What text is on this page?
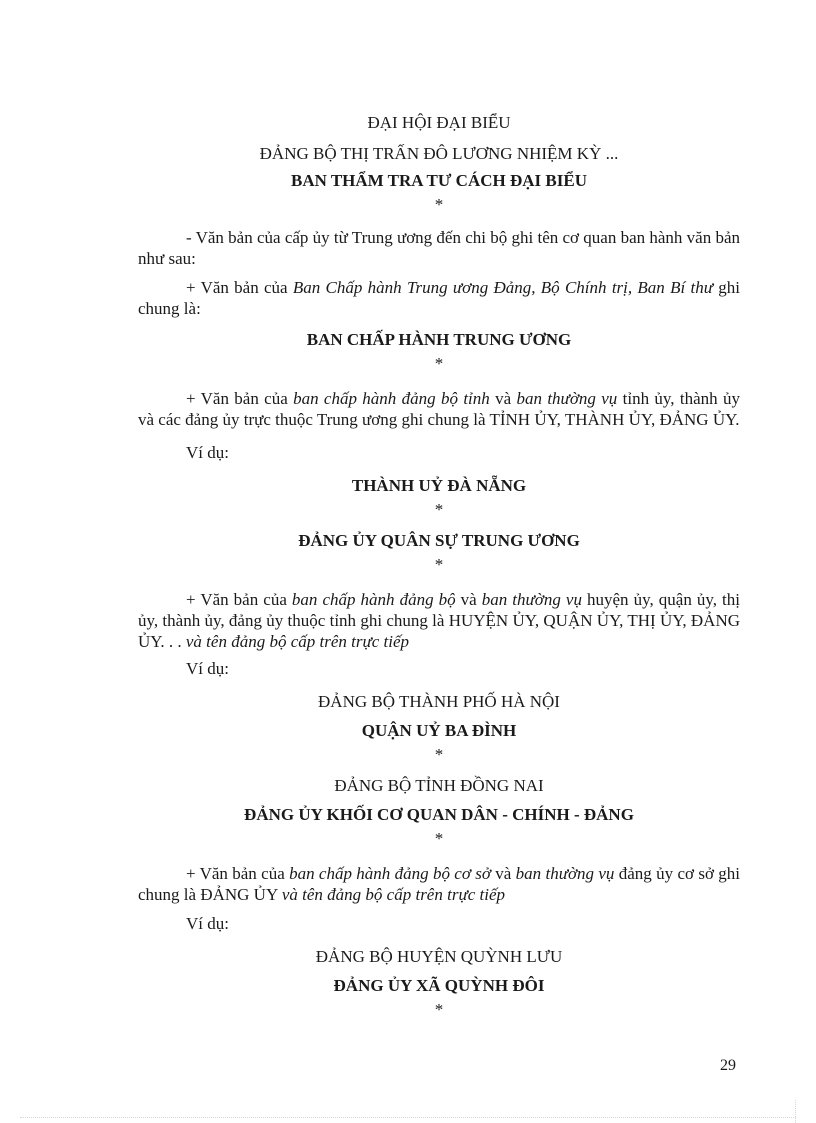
ĐẠI HỘI ĐẠI BIỂU
ĐẢNG BỘ THỊ TRẤN ĐÔ LƯƠNG NHIỆM KỲ ...
BAN THẨM TRA TƯ CÁCH ĐẠI BIỂU
*

- Văn bản của cấp ủy từ Trung ương đến chi bộ ghi tên cơ quan ban hành văn bản như sau:

+ Văn bản của Ban Chấp hành Trung ương Đảng, Bộ Chính trị, Ban Bí thư ghi chung là:

BAN CHẤP HÀNH TRUNG ƯƠNG
*

+ Văn bản của ban chấp hành đảng bộ tỉnh và ban thường vụ tỉnh ủy, thành ủy và các đảng ủy trực thuộc Trung ương ghi chung là TỈNH ỦY, THÀNH ỦY, ĐẢNG ỦY.

Ví dụ:
THÀNH UỶ ĐÀ NẴNG
*
ĐẢNG ỦY QUÂN SỰ TRUNG ƯƠNG
*

+ Văn bản của ban chấp hành đảng bộ và ban thường vụ huyện ủy, quận ủy, thị ủy, thành ủy, đảng ủy thuộc tỉnh ghi chung là HUYỆN ỦY, QUẬN ỦY, THỊ ỦY, ĐẢNG ỦY. . . và tên đảng bộ cấp trên trực tiếp

Ví dụ:
ĐẢNG BỘ THÀNH PHỐ HÀ NỘI
QUẬN UỶ BA ĐÌNH
*
ĐẢNG BỘ TỈNH ĐỒNG NAI
ĐẢNG ỦY KHỐI CƠ QUAN DÂN - CHÍNH - ĐẢNG
*

+ Văn bản của ban chấp hành đảng bộ cơ sở và ban thường vụ đảng ủy cơ sở ghi chung là ĐẢNG ỦY và tên đảng bộ cấp trên trực tiếp

Ví dụ:
ĐẢNG BỘ HUYỆN QUỲNH LƯU
ĐẢNG ỦY XÃ QUỲNH ĐÔI
*
29
